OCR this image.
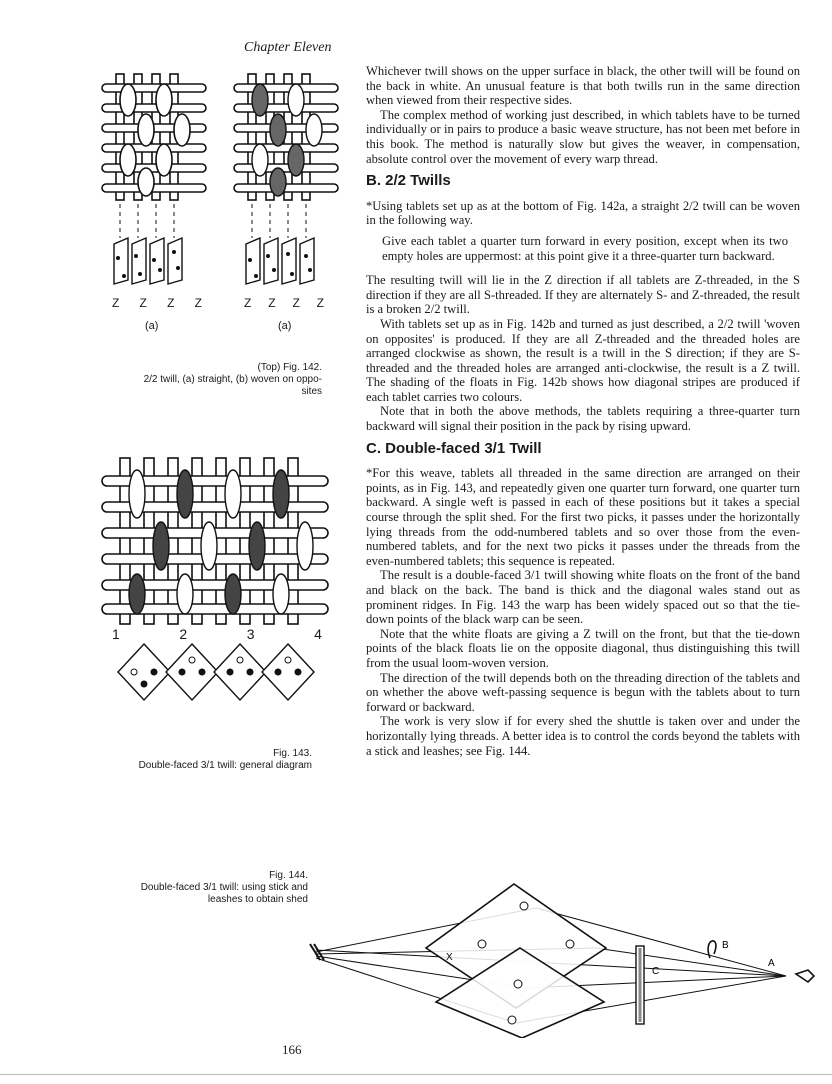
Chapter Eleven
Z Z Z Z	Z Z Z Z
(a)	(a)
(Top) Fig. 142.
2/2 twill, (a) straight, (b) woven on oppo-
sites
1	2	3	4
Fig. 143.
Double-faced 3/1 twill: general diagram
Fig. 144.
Double-faced 3/1 twill: using stick and
leashes to obtain shed
X
C
B
A

Whichever twill shows on the upper surface in black, the other twill will be found on the back in white. An unusual feature is that both twills run in the same direction when viewed from their respective sides.

The complex method of working just described, in which tablets have to be turned individually or in pairs to produce a basic weave structure, has not been met before in this book. The method is naturally slow but gives the weaver, in compensation, absolute control over the movement of every warp thread.

B. 2/2 Twills

*Using tablets set up as at the bottom of Fig. 142a, a straight 2/2 twill can be woven in the following way.

Give each tablet a quarter turn forward in every position, except when its two empty holes are uppermost: at this point give it a three-quarter turn backward.

The resulting twill will lie in the Z direction if all tablets are Z-threaded, in the S direction if they are all S-threaded. If they are alternately S- and Z-threaded, the result is a broken 2/2 twill.

With tablets set up as in Fig. 142b and turned as just described, a 2/2 twill 'woven on opposites' is produced. If they are all Z-threaded and the threaded holes are arranged clockwise as shown, the result is a twill in the S direction; if they are S-threaded and the threaded holes are arranged anti-clockwise, the result is a Z twill. The shading of the floats in Fig. 142b shows how diagonal stripes are produced if each tablet carries two colours.

Note that in both the above methods, the tablets requiring a three-quarter turn backward will signal their position in the pack by rising upward.

C. Double-faced 3/1 Twill

*For this weave, tablets all threaded in the same direction are arranged on their points, as in Fig. 143, and repeatedly given one quarter turn forward, one quarter turn backward. A single weft is passed in each of these positions but it takes a special course through the split shed. For the first two picks, it passes under the horizontally lying threads from the odd-numbered tablets and so over those from the even-numbered tablets, and for the next two picks it passes under the threads from the even-numbered tablets; this sequence is repeated.

The result is a double-faced 3/1 twill showing white floats on the front of the band and black on the back. The band is thick and the diagonal wales stand out as prominent ridges. In Fig. 143 the warp has been widely spaced out so that the tie-down points of the black warp can be seen.

Note that the white floats are giving a Z twill on the front, but that the tie-down points of the black floats lie on the opposite diagonal, thus distinguishing this twill from the usual loom-woven version.

The direction of the twill depends both on the threading direction of the tablets and on whether the above weft-passing sequence is begun with the tablets about to turn forward or backward.

The work is very slow if for every shed the shuttle is taken over and under the horizontally lying threads. A better idea is to control the cords beyond the tablets with a stick and leashes; see Fig. 144.

166
